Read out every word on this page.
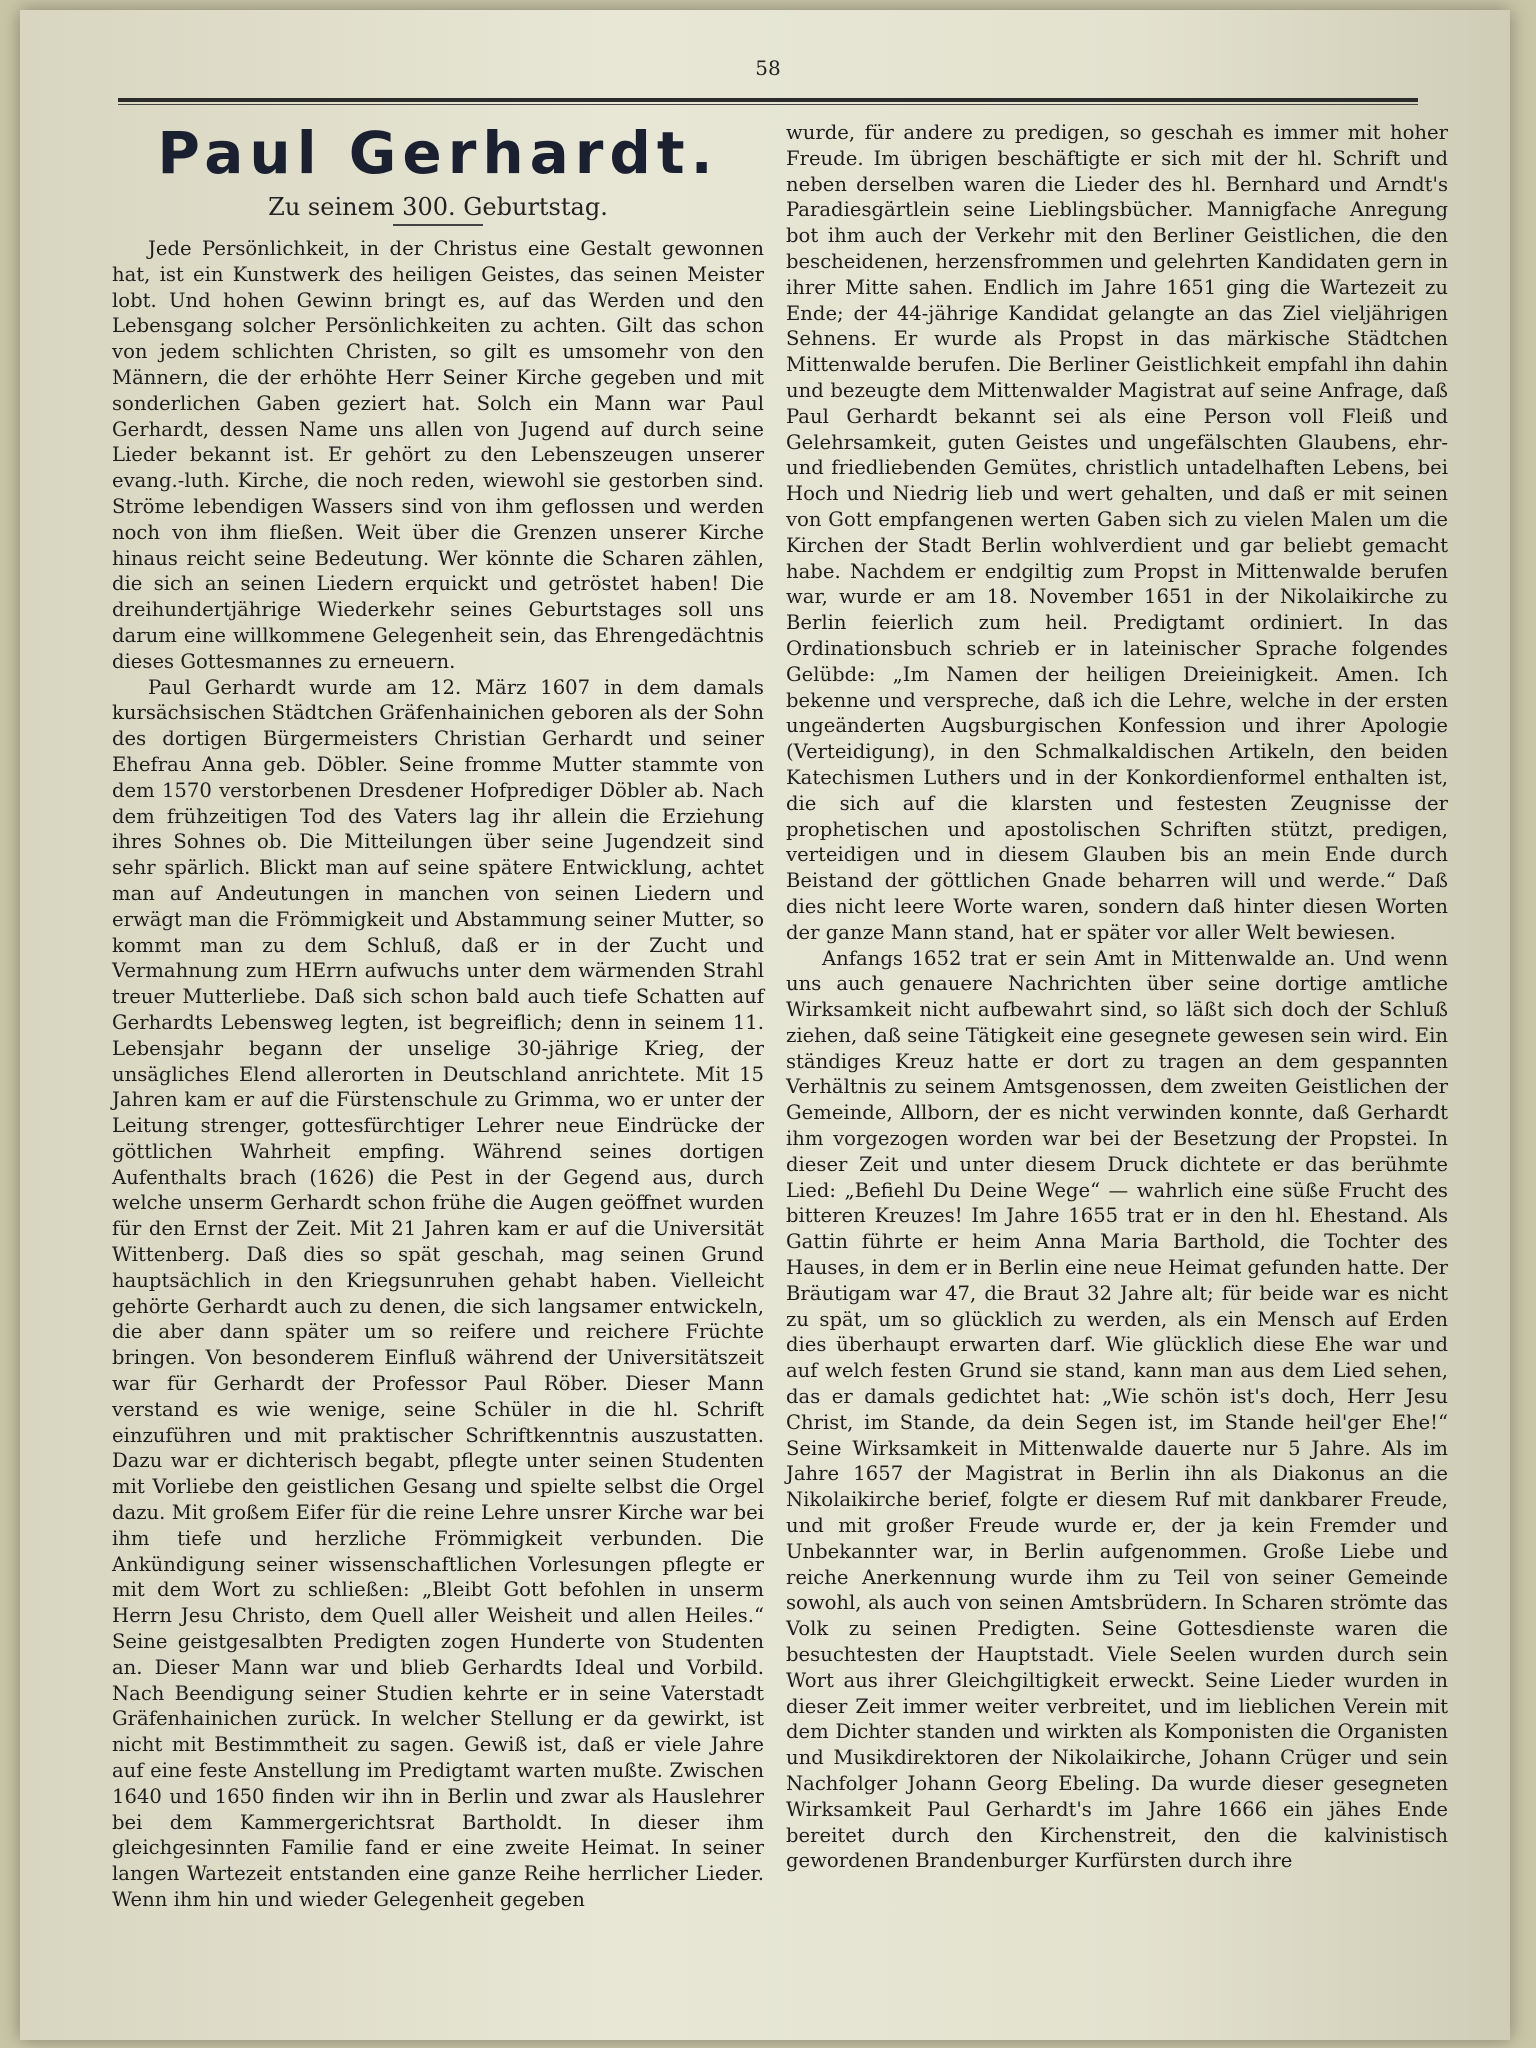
58
Paul Gerhardt.
Zu seinem 300. Geburtstag.

Jede Persönlichkeit, in der Christus eine Gestalt gewonnen hat, ist ein Kunstwerk des heiligen Geistes, das seinen Meister lobt. Und hohen Gewinn bringt es, auf das Werden und den Lebensgang solcher Persönlichkeiten zu achten. Gilt das schon von jedem schlichten Christen, so gilt es umsomehr von den Männern, die der erhöhte Herr Seiner Kirche gegeben und mit sonderlichen Gaben geziert hat. Solch ein Mann war Paul Gerhardt, dessen Name uns allen von Jugend auf durch seine Lieder bekannt ist. Er gehört zu den Lebenszeugen unserer evang.-luth. Kirche, die noch reden, wiewohl sie gestorben sind. Ströme lebendigen Wassers sind von ihm geflossen und werden noch von ihm fließen. Weit über die Grenzen unserer Kirche hinaus reicht seine Bedeutung. Wer könnte die Scharen zählen, die sich an seinen Liedern erquickt und getröstet haben! Die dreihundertjährige Wiederkehr seines Geburtstages soll uns darum eine willkommene Gelegenheit sein, das Ehrengedächtnis dieses Gottesmannes zu erneuern.

Paul Gerhardt wurde am 12. März 1607 in dem damals kursächsischen Städtchen Gräfenhainichen geboren als der Sohn des dortigen Bürgermeisters Christian Gerhardt und seiner Ehefrau Anna geb. Döbler. Seine fromme Mutter stammte von dem 1570 verstorbenen Dresdener Hofprediger Döbler ab. Nach dem frühzeitigen Tod des Vaters lag ihr allein die Erziehung ihres Sohnes ob. Die Mitteilungen über seine Jugendzeit sind sehr spärlich. Blickt man auf seine spätere Entwicklung, achtet man auf Andeutungen in manchen von seinen Liedern und erwägt man die Frömmigkeit und Abstammung seiner Mutter, so kommt man zu dem Schluß, daß er in der Zucht und Vermahnung zum HErrn aufwuchs unter dem wärmenden Strahl treuer Mutterliebe. Daß sich schon bald auch tiefe Schatten auf Gerhardts Lebensweg legten, ist begreiflich; denn in seinem 11. Lebensjahr begann der unselige 30-jährige Krieg, der unsägliches Elend allerorten in Deutschland anrichtete. Mit 15 Jahren kam er auf die Fürstenschule zu Grimma, wo er unter der Leitung strenger, gottesfürchtiger Lehrer neue Eindrücke der göttlichen Wahrheit empfing. Während seines dortigen Aufenthalts brach (1626) die Pest in der Gegend aus, durch welche unserm Gerhardt schon frühe die Augen geöffnet wurden für den Ernst der Zeit. Mit 21 Jahren kam er auf die Universität Wittenberg. Daß dies so spät geschah, mag seinen Grund hauptsächlich in den Kriegsunruhen gehabt haben. Vielleicht gehörte Gerhardt auch zu denen, die sich langsamer entwickeln, die aber dann später um so reifere und reichere Früchte bringen. Von besonderem Einfluß während der Universitätszeit war für Gerhardt der Professor Paul Röber. Dieser Mann verstand es wie wenige, seine Schüler in die hl. Schrift einzuführen und mit praktischer Schriftkenntnis auszustatten. Dazu war er dichterisch begabt, pflegte unter seinen Studenten mit Vorliebe den geistlichen Gesang und spielte selbst die Orgel dazu. Mit großem Eifer für die reine Lehre unsrer Kirche war bei ihm tiefe und herzliche Frömmigkeit verbunden. Die Ankündigung seiner wissenschaftlichen Vorlesungen pflegte er mit dem Wort zu schließen: „Bleibt Gott befohlen in unserm Herrn Jesu Christo, dem Quell aller Weisheit und allen Heiles.“ Seine geistgesalbten Predigten zogen Hunderte von Studenten an. Dieser Mann war und blieb Gerhardts Ideal und Vorbild. Nach Beendigung seiner Studien kehrte er in seine Vaterstadt Gräfenhainichen zurück. In welcher Stellung er da gewirkt, ist nicht mit Bestimmtheit zu sagen. Gewiß ist, daß er viele Jahre auf eine feste Anstellung im Predigtamt warten mußte. Zwischen 1640 und 1650 finden wir ihn in Berlin und zwar als Hauslehrer bei dem Kammergerichtsrat Bartholdt. In dieser ihm gleichgesinnten Familie fand er eine zweite Heimat. In seiner langen Wartezeit entstanden eine ganze Reihe herrlicher Lieder. Wenn ihm hin und wieder Gelegenheit gegeben

wurde, für andere zu predigen, so geschah es immer mit hoher Freude. Im übrigen beschäftigte er sich mit der hl. Schrift und neben derselben waren die Lieder des hl. Bernhard und Arndt's Paradiesgärtlein seine Lieblingsbücher. Mannigfache Anregung bot ihm auch der Verkehr mit den Berliner Geistlichen, die den bescheidenen, herzensfrommen und gelehrten Kandidaten gern in ihrer Mitte sahen. Endlich im Jahre 1651 ging die Wartezeit zu Ende; der 44-jährige Kandidat gelangte an das Ziel vieljährigen Sehnens. Er wurde als Propst in das märkische Städtchen Mittenwalde berufen. Die Berliner Geistlichkeit empfahl ihn dahin und bezeugte dem Mittenwalder Magistrat auf seine Anfrage, daß Paul Gerhardt bekannt sei als eine Person voll Fleiß und Gelehrsamkeit, guten Geistes und ungefälschten Glaubens, ehr- und friedliebenden Gemütes, christlich untadelhaften Lebens, bei Hoch und Niedrig lieb und wert gehalten, und daß er mit seinen von Gott empfangenen werten Gaben sich zu vielen Malen um die Kirchen der Stadt Berlin wohlverdient und gar beliebt gemacht habe. Nachdem er endgiltig zum Propst in Mittenwalde berufen war, wurde er am 18. November 1651 in der Nikolaikirche zu Berlin feierlich zum heil. Predigtamt ordiniert. In das Ordinationsbuch schrieb er in lateinischer Sprache folgendes Gelübde: „Im Namen der heiligen Dreieinigkeit. Amen. Ich bekenne und verspreche, daß ich die Lehre, welche in der ersten ungeänderten Augsburgischen Konfession und ihrer Apologie (Verteidigung), in den Schmalkaldischen Artikeln, den beiden Katechismen Luthers und in der Konkordienformel enthalten ist, die sich auf die klarsten und festesten Zeugnisse der prophetischen und apostolischen Schriften stützt, predigen, verteidigen und in diesem Glauben bis an mein Ende durch Beistand der göttlichen Gnade beharren will und werde.“ Daß dies nicht leere Worte waren, sondern daß hinter diesen Worten der ganze Mann stand, hat er später vor aller Welt bewiesen.

Anfangs 1652 trat er sein Amt in Mittenwalde an. Und wenn uns auch genauere Nachrichten über seine dortige amtliche Wirksamkeit nicht aufbewahrt sind, so läßt sich doch der Schluß ziehen, daß seine Tätigkeit eine gesegnete gewesen sein wird. Ein ständiges Kreuz hatte er dort zu tragen an dem gespannten Verhältnis zu seinem Amtsgenossen, dem zweiten Geistlichen der Gemeinde, Allborn, der es nicht verwinden konnte, daß Gerhardt ihm vorgezogen worden war bei der Besetzung der Propstei. In dieser Zeit und unter diesem Druck dichtete er das berühmte Lied: „Befiehl Du Deine Wege“ — wahrlich eine süße Frucht des bitteren Kreuzes! Im Jahre 1655 trat er in den hl. Ehestand. Als Gattin führte er heim Anna Maria Barthold, die Tochter des Hauses, in dem er in Berlin eine neue Heimat gefunden hatte. Der Bräutigam war 47, die Braut 32 Jahre alt; für beide war es nicht zu spät, um so glücklich zu werden, als ein Mensch auf Erden dies überhaupt erwarten darf. Wie glücklich diese Ehe war und auf welch festen Grund sie stand, kann man aus dem Lied sehen, das er damals gedichtet hat: „Wie schön ist's doch, Herr Jesu Christ, im Stande, da dein Segen ist, im Stande heil'ger Ehe!“ Seine Wirksamkeit in Mittenwalde dauerte nur 5 Jahre. Als im Jahre 1657 der Magistrat in Berlin ihn als Diakonus an die Nikolaikirche berief, folgte er diesem Ruf mit dankbarer Freude, und mit großer Freude wurde er, der ja kein Fremder und Unbekannter war, in Berlin aufgenommen. Große Liebe und reiche Anerkennung wurde ihm zu Teil von seiner Gemeinde sowohl, als auch von seinen Amtsbrüdern. In Scharen strömte das Volk zu seinen Predigten. Seine Gottesdienste waren die besuchtesten der Hauptstadt. Viele Seelen wurden durch sein Wort aus ihrer Gleichgiltigkeit erweckt. Seine Lieder wurden in dieser Zeit immer weiter verbreitet, und im lieblichen Verein mit dem Dichter standen und wirkten als Komponisten die Organisten und Musikdirektoren der Nikolaikirche, Johann Crüger und sein Nachfolger Johann Georg Ebeling. Da wurde dieser gesegneten Wirksamkeit Paul Gerhardt's im Jahre 1666 ein jähes Ende bereitet durch den Kirchenstreit, den die kalvinistisch gewordenen Brandenburger Kurfürsten durch ihre
